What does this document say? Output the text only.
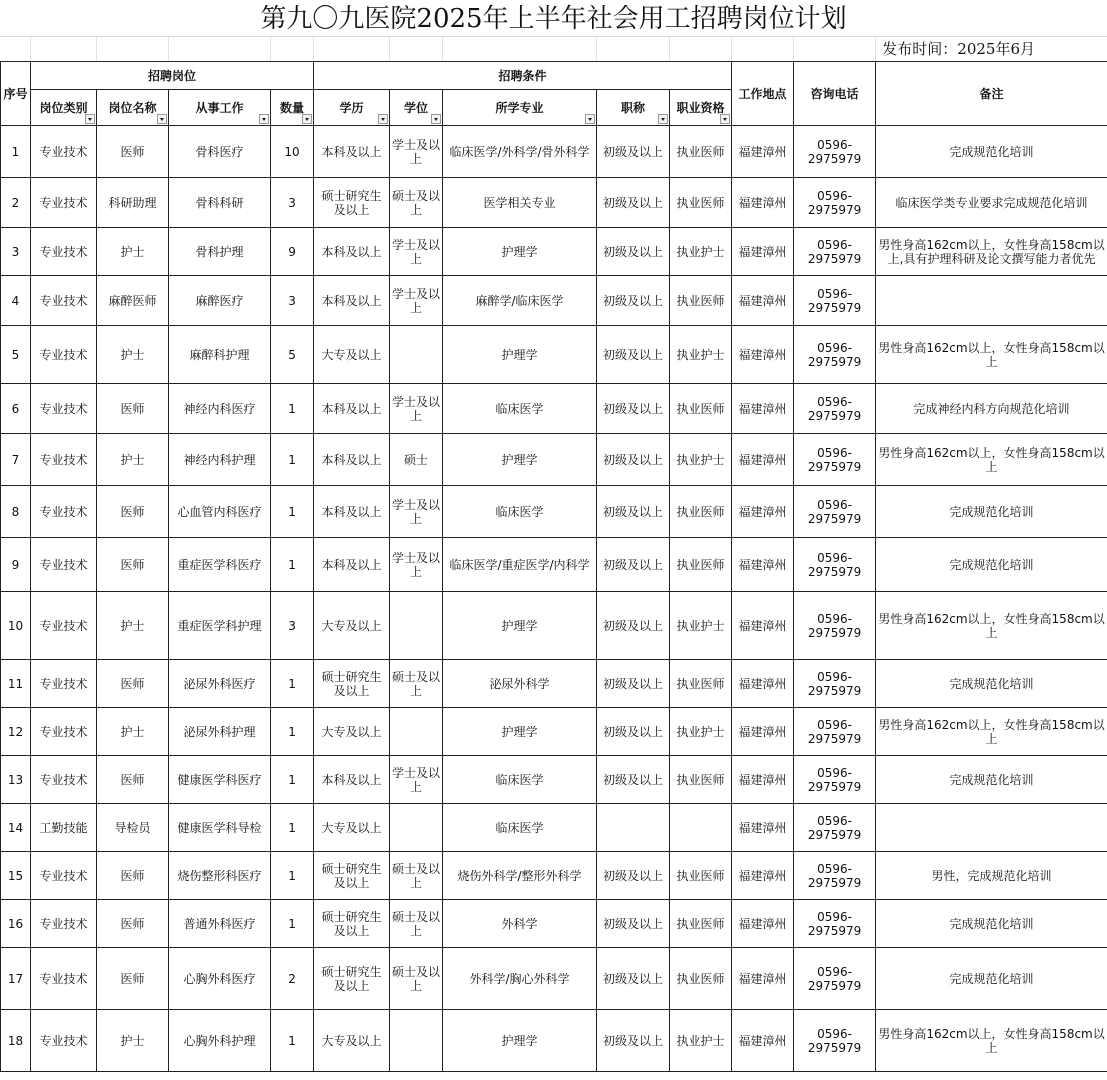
第九〇九医院2025年上半年社会用工招聘岗位计划
发布时间：2025年6月
序号	招聘岗位				招聘条件					工作地点	咨询电话	备注
	岗位类别	岗位名称	从事工作	数量	学历	学位	所学专业	职称	职业资格			

1	专业技术	医师	骨科医疗	10	本科及以上	学士及以上	临床医学/外科学/骨外科学	初级及以上	执业医师	福建漳州	0596-2975979	完成规范化培训
2	专业技术	科研助理	骨科科研	3	硕士研究生及以上	硕士及以上	医学相关专业	初级及以上	执业医师	福建漳州	0596-2975979	临床医学类专业要求完成规范化培训
3	专业技术	护士	骨科护理	9	本科及以上	学士及以上	护理学	初级及以上	执业护士	福建漳州	0596-2975979	男性身高162cm以上，女性身高158cm以上,具有护理科研及论文撰写能力者优先
4	专业技术	麻醉医师	麻醉医疗	3	本科及以上	学士及以上	麻醉学/临床医学	初级及以上	执业医师	福建漳州	0596-2975979	
5	专业技术	护士	麻醉科护理	5	大专及以上		护理学	初级及以上	执业护士	福建漳州	0596-2975979	男性身高162cm以上，女性身高158cm以上
6	专业技术	医师	神经内科医疗	1	本科及以上	学士及以上	临床医学	初级及以上	执业医师	福建漳州	0596-2975979	完成神经内科方向规范化培训
7	专业技术	护士	神经内科护理	1	本科及以上	硕士	护理学	初级及以上	执业护士	福建漳州	0596-2975979	男性身高162cm以上，女性身高158cm以上
8	专业技术	医师	心血管内科医疗	1	本科及以上	学士及以上	临床医学	初级及以上	执业医师	福建漳州	0596-2975979	完成规范化培训
9	专业技术	医师	重症医学科医疗	1	本科及以上	学士及以上	临床医学/重症医学/内科学	初级及以上	执业医师	福建漳州	0596-2975979	完成规范化培训
10	专业技术	护士	重症医学科护理	3	大专及以上		护理学	初级及以上	执业护士	福建漳州	0596-2975979	男性身高162cm以上，女性身高158cm以上
11	专业技术	医师	泌尿外科医疗	1	硕士研究生及以上	硕士及以上	泌尿外科学	初级及以上	执业医师	福建漳州	0596-2975979	完成规范化培训
12	专业技术	护士	泌尿外科护理	1	大专及以上		护理学	初级及以上	执业护士	福建漳州	0596-2975979	男性身高162cm以上，女性身高158cm以上
13	专业技术	医师	健康医学科医疗	1	本科及以上	学士及以上	临床医学	初级及以上	执业医师	福建漳州	0596-2975979	完成规范化培训
14	工勤技能	导检员	健康医学科导检	1	大专及以上		临床医学			福建漳州	0596-2975979	
15	专业技术	医师	烧伤整形科医疗	1	硕士研究生及以上	硕士及以上	烧伤外科学/整形外科学	初级及以上	执业医师	福建漳州	0596-2975979	男性，完成规范化培训
16	专业技术	医师	普通外科医疗	1	硕士研究生及以上	硕士及以上	外科学	初级及以上	执业医师	福建漳州	0596-2975979	完成规范化培训
17	专业技术	医师	心胸外科医疗	2	硕士研究生及以上	硕士及以上	外科学/胸心外科学	初级及以上	执业医师	福建漳州	0596-2975979	完成规范化培训
18	专业技术	护士	心胸外科护理	1	大专及以上		护理学	初级及以上	执业护士	福建漳州	0596-2975979	男性身高162cm以上，女性身高158cm以上
